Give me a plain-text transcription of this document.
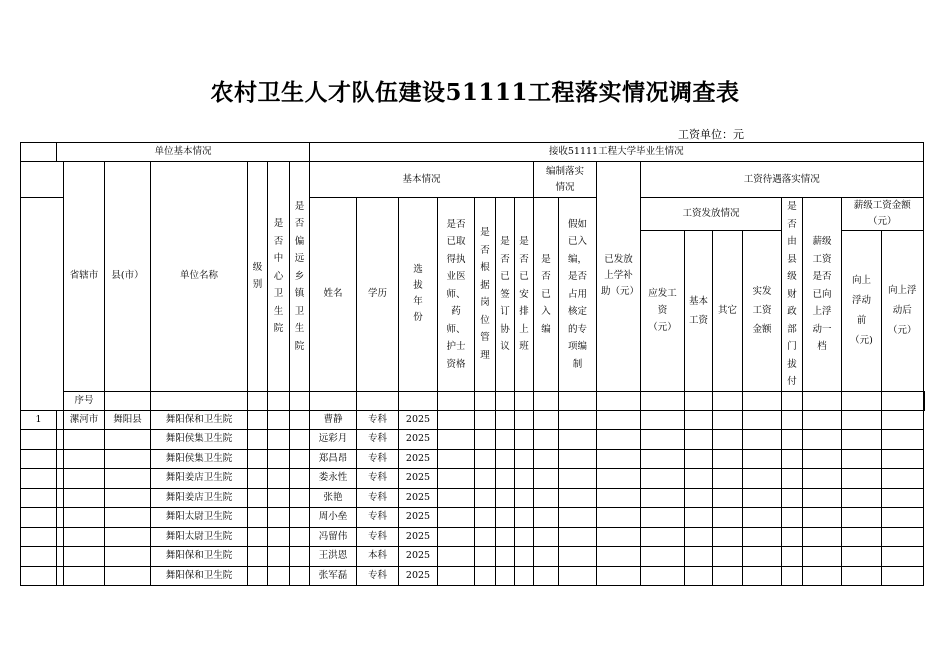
农村卫生人才队伍建设51111工程落实情况调查表
工资单位：元
	单位基本情况							接收51111工程大学毕业生情况																		
		省辖市	县(市）	单位名称	级别	是否中心卫生院	是否偏远乡镇卫生院	基本情况							编制落实情况		已发放上学补助（元）	工资待遇落实情况								
								姓名	学历	选拔年份	是否已取得执业医师、药师、护士资格	是否根据岗位管理	是否已签订协议	是否已安排上班	是否已入编	假如已入编，是否占用核定的专项编制		工资发放情况				是否由县级财政部门拔付	薪级工资是否已向上浮动一档	薪级工资金额（元）		

																		应发工资（元）	基本工资	其它	实发工资金额			向上浮动前（元)	向上浮动后（元）	

		序号																								
1		漯河市	舞阳县	舞阳保和卫生院				曹静	专科	2025																
				舞阳侯集卫生院				远彩月	专科	2025																
				舞阳侯集卫生院				郑昌昂	专科	2025																
				舞阳姜店卫生院				娄永性	专科	2025																
				舞阳姜店卫生院				张艳	专科	2025																
				舞阳太尉卫生院				周小垒	专科	2025																
				舞阳太尉卫生院				冯留伟	专科	2025																
				舞阳保和卫生院				王洪恩	本科	2025																
				舞阳保和卫生院				张军磊	专科	2025																
